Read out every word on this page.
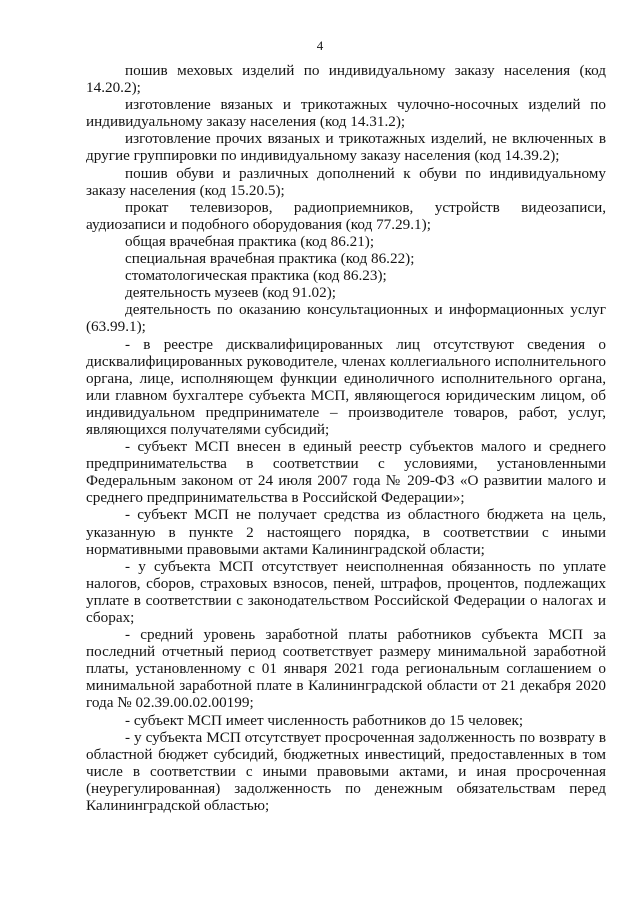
4

пошив меховых изделий по индивидуальному заказу населения (код 14.20.2);

изготовление вязаных и трикотажных чулочно-носочных изделий по индивидуальному заказу населения (код 14.31.2);

изготовление прочих вязаных и трикотажных изделий, не включенных в другие группировки по индивидуальному заказу населения (код 14.39.2);

пошив обуви и различных дополнений к обуви по индивидуальному заказу населения (код 15.20.5);

прокат телевизоров, радиоприемников, устройств видеозаписи, аудиозаписи и подобного оборудования (код 77.29.1);

общая врачебная практика (код 86.21);

специальная врачебная практика (код 86.22);

стоматологическая практика (код 86.23);

деятельность музеев (код 91.02);

деятельность по оказанию консультационных и информационных услуг (63.99.1);

- в реестре дисквалифицированных лиц отсутствуют сведения о дисквалифицированных руководителе, членах коллегиального исполнительного органа, лице, исполняющем функции единоличного исполнительного органа, или главном бухгалтере субъекта МСП, являющегося юридическим лицом, об индивидуальном предпринимателе – производителе товаров, работ, услуг, являющихся получателями субсидий;

- субъект МСП внесен в единый реестр субъектов малого и среднего предпринимательства в соответствии с условиями, установленными Федеральным законом от 24 июля 2007 года № 209-ФЗ «О развитии малого и среднего предпринимательства в Российской Федерации»;

- субъект МСП не получает средства из областного бюджета на цель, указанную в пункте 2 настоящего порядка, в соответствии с иными нормативными правовыми актами Калининградской области;

- у субъекта МСП отсутствует неисполненная обязанность по уплате налогов, сборов, страховых взносов, пеней, штрафов, процентов, подлежащих уплате в соответствии с законодательством Российской Федерации о налогах и сборах;

- средний уровень заработной платы работников субъекта МСП за последний отчетный период соответствует размеру минимальной заработной платы, установленному с 01 января 2021 года региональным соглашением о минимальной заработной плате в Калининградской области от 21 декабря 2020 года № 02.39.00.02.00199;

- субъект МСП имеет численность работников до 15 человек;

- у субъекта МСП отсутствует просроченная задолженность по возврату в областной бюджет субсидий, бюджетных инвестиций, предоставленных в том числе в соответствии с иными правовыми актами, и иная просроченная (неурегулированная) задолженность по денежным обязательствам перед Калининградской областью;
